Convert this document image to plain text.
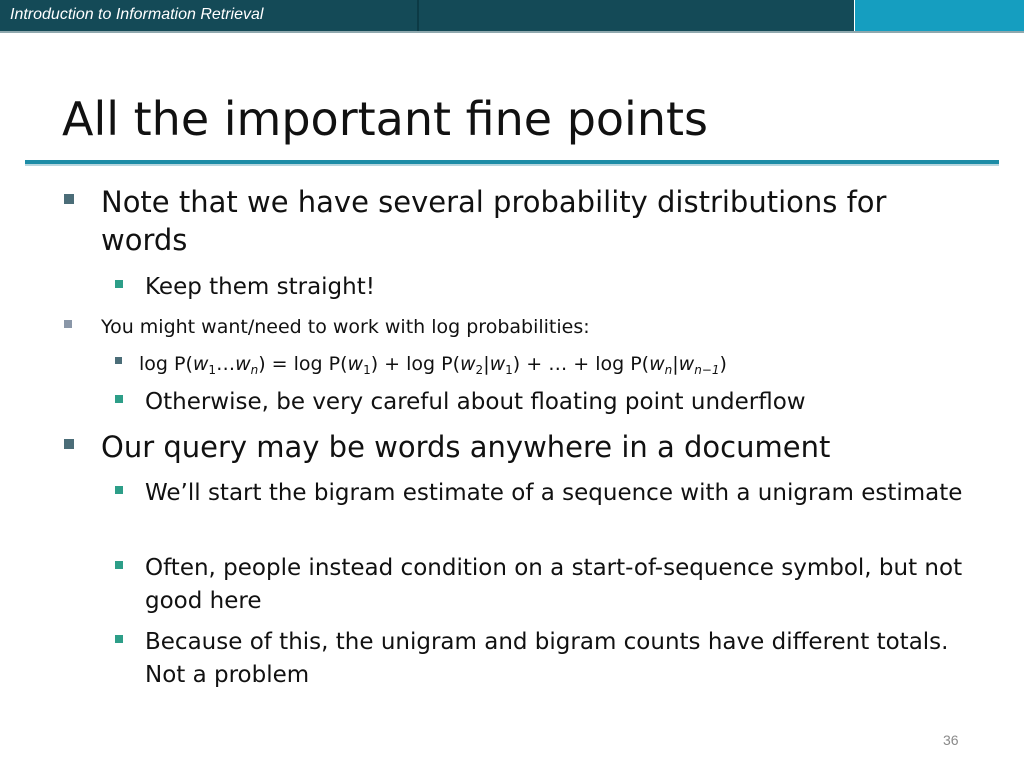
Introduction to Information Retrieval
All the important fine points
Note that we have several probability distributions for words
Keep them straight!
You might want/need to work with log probabilities:
$\log P(w_1\dots w_n) = \log P(w_1) + \log P(w_2|w_1)$ + … + $\log P(w_n|w_{n-1})$
Otherwise, be very careful about floating point underflow
Our query may be words anywhere in a document
We’ll start the bigram estimate of a sequence with a unigram estimate
Often, people instead condition on a start-of-sequence symbol, but not good here
Because of this, the unigram and bigram counts have different totals. Not a problem
36
